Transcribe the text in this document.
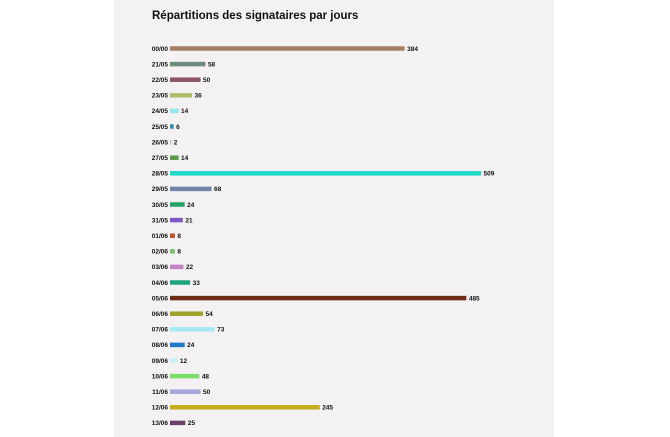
Répartitions des signataires par jours
00/00	384
21/05	58
22/05	50
23/05	36
24/05 14
25/05 6
26/05 2
27/05 14
28/05	509
29/05	68
30/05	24
31/05	21
01/06 8
02/06 8
03/06	22
04/06	33
05/06	485
06/06	54
07/06	73
08/06	24
09/06 12
10/06	48
11/06	50
12/06	245
13/06	25
